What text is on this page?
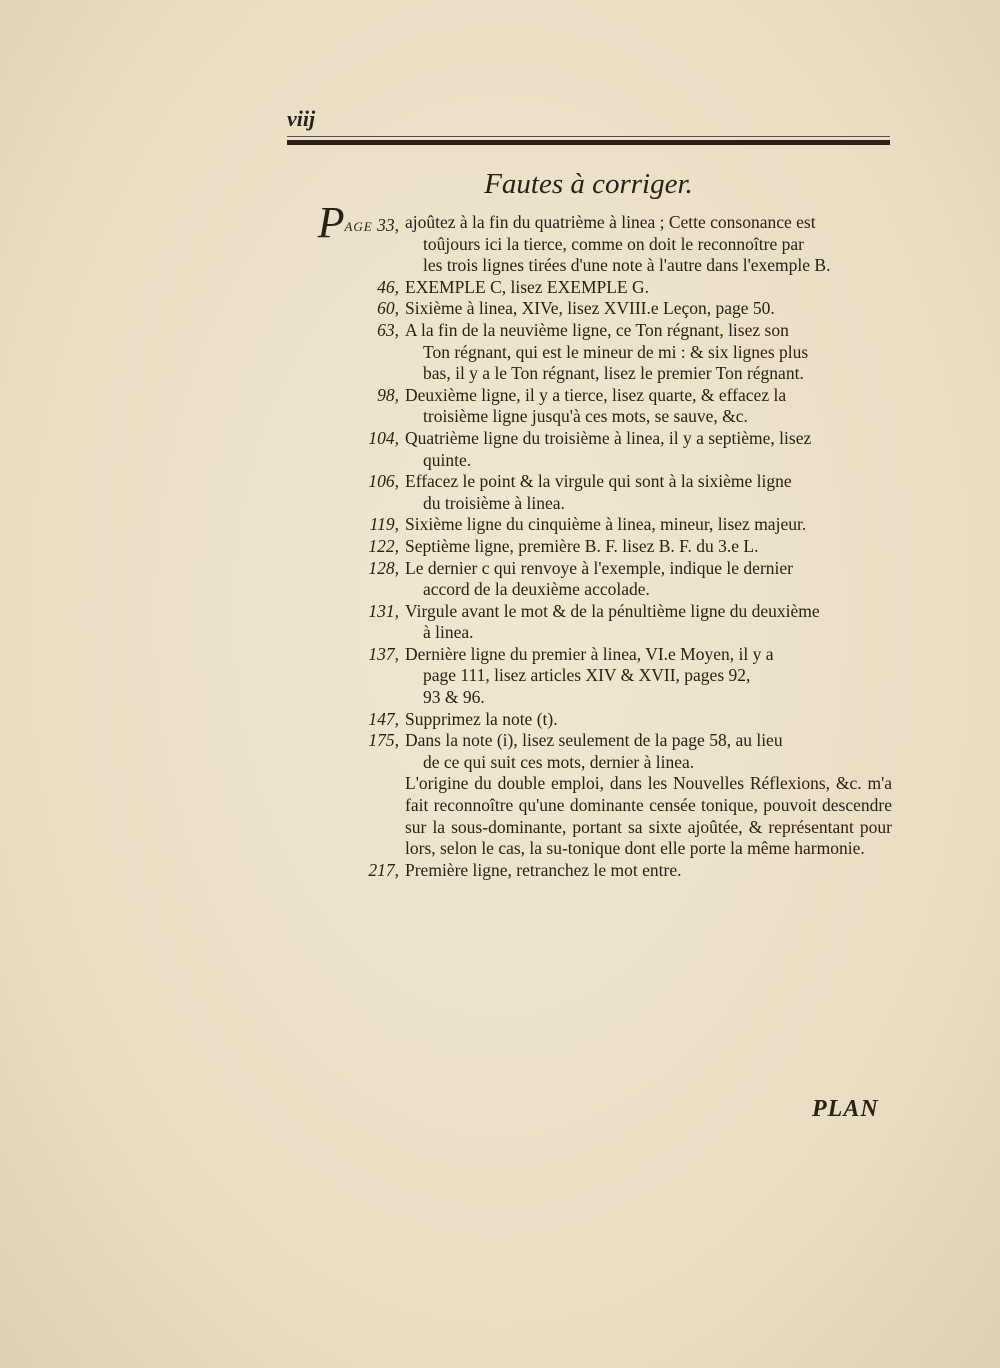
viij
Fautes à corriger.
PAGE 33, ajoûtez à la fin du quatrième à linea ; Cette consonance est
toûjours ici la tierce, comme on doit le reconnoître par
les trois lignes tirées d'une note à l'autre dans l'exemple B.
46, EXEMPLE C, lisez EXEMPLE G.
60, Sixième à linea, XIVe, lisez XVIII.e Leçon, page 50.
63, A la fin de la neuvième ligne, ce Ton régnant, lisez son
Ton régnant, qui est le mineur de mi : & six lignes plus
bas, il y a le Ton régnant, lisez le premier Ton régnant.
98, Deuxième ligne, il y a tierce, lisez quarte, & effacez la
troisième ligne jusqu'à ces mots, se sauve, &c.
104, Quatrième ligne du troisième à linea, il y a septième, lisez
quinte.
106, Effacez le point & la virgule qui sont à la sixième ligne
du troisième à linea.
119, Sixième ligne du cinquième à linea, mineur, lisez majeur.
122, Septième ligne, première B. F. lisez B. F. du 3.e L.
128, Le dernier c qui renvoye à l'exemple, indique le dernier
accord de la deuxième accolade.
131, Virgule avant le mot & de la pénultième ligne du deuxième
à linea.
137, Dernière ligne du premier à linea, VI.e Moyen, il y a
page 111, lisez articles XIV & XVII, pages 92,
93 & 96.
147, Supprimez la note (t).
175, Dans la note (i), lisez seulement de la page 58, au lieu
de ce qui suit ces mots, dernier à linea.
L'origine du double emploi, dans les Nouvelles Réflexions, &c. m'a fait reconnoître qu'une dominante censée tonique, pouvoit descendre sur la sous-dominante, portant sa sixte ajoûtée, & représentant pour lors, selon le cas, la su-tonique dont elle porte la même harmonie.
217, Première ligne, retranchez le mot entre.
PLAN
